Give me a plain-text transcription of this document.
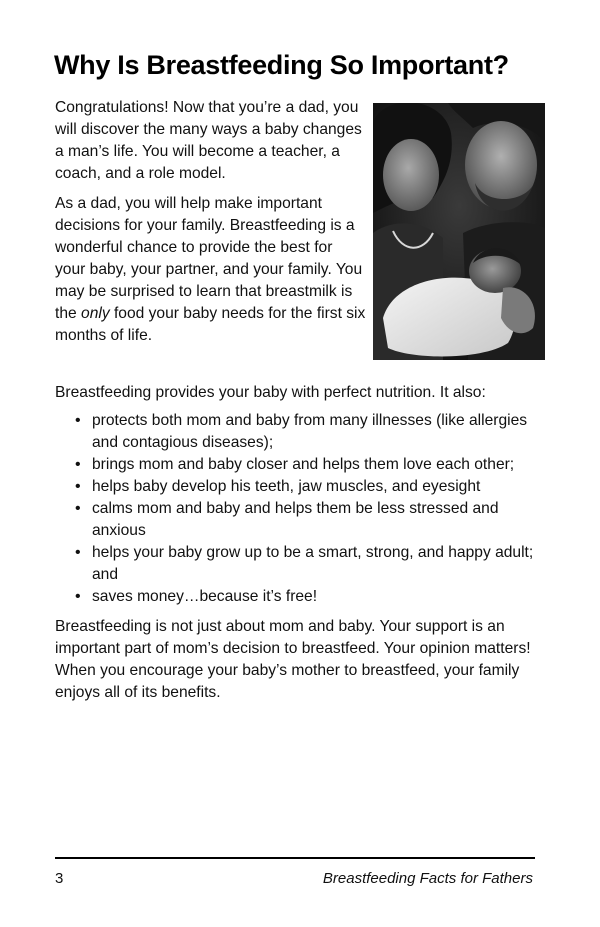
Why Is Breastfeeding So Important?

Congratulations! Now that you’re a dad, you will discover the many ways a baby changes a man’s life. You will become a teacher, a coach, and a role model.

As a dad, you will help make important decisions for your family. Breastfeeding is a wonderful chance to provide the best for your baby, your partner, and your family. You may be surprised to learn that breastmilk is the only food your baby needs for the first six months of life.

Breastfeeding provides your baby with perfect nutrition. It also:

• protects both mom and baby from many illnesses (like allergies and contagious diseases);
• brings mom and baby closer and helps them love each other;
• helps baby develop his teeth, jaw muscles, and eyesight
• calms mom and baby and helps them be less stressed and anxious
• helps your baby grow up to be a smart, strong, and happy adult; and
• saves money…because it’s free!

Breastfeeding is not just about mom and baby. Your support is an important part of mom’s decision to breastfeed. Your opinion matters! When you encourage your baby’s mother to breastfeed, your family enjoys all of its benefits.

3	Breastfeeding Facts for Fathers
